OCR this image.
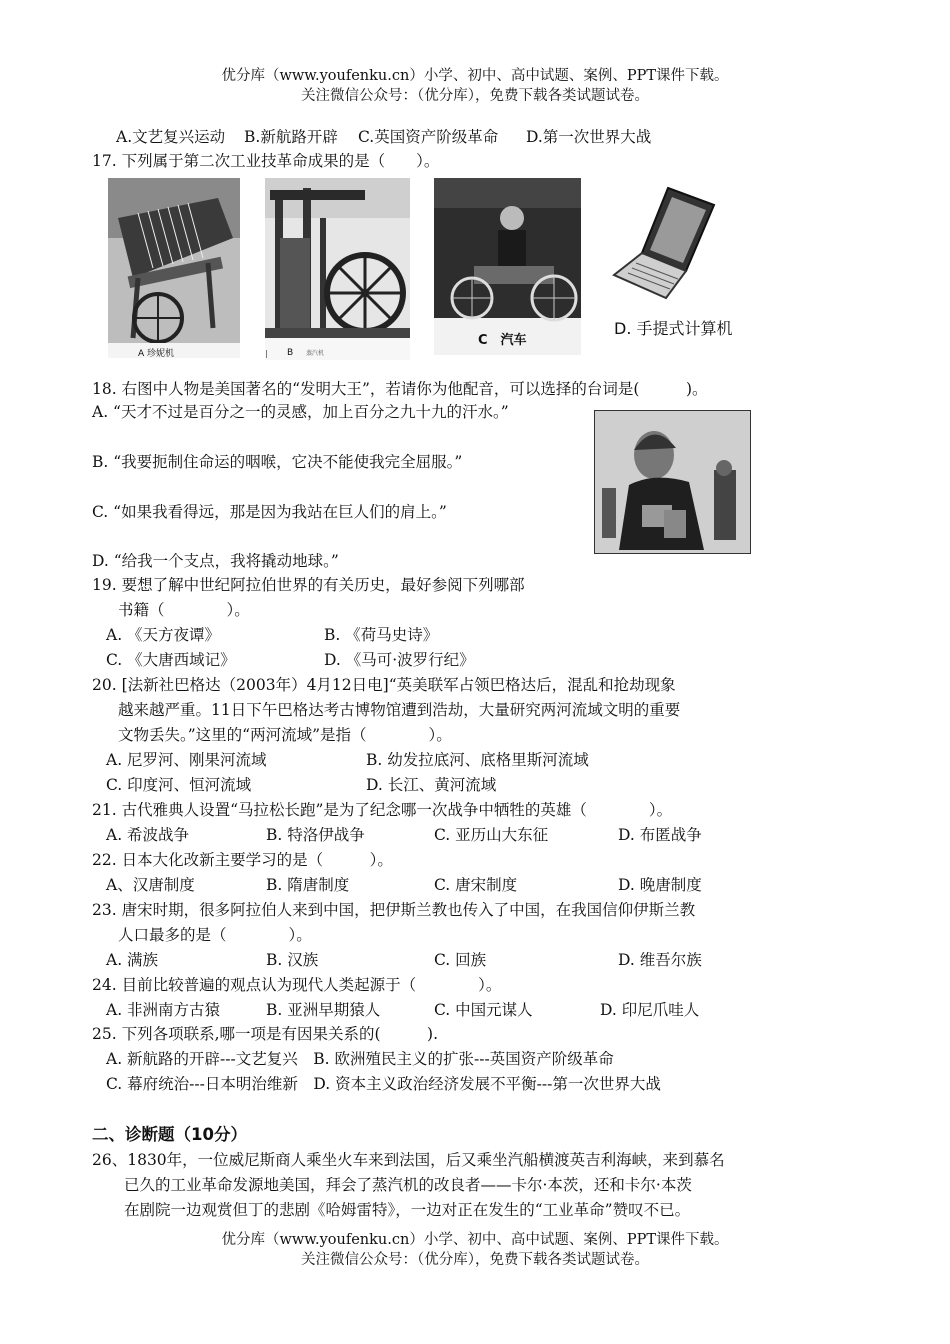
优分库（www.youfenku.cn）小学、初中、高中试题、案例、PPT课件下载。
关注微信公众号：（优分库），免费下载各类试题试卷。
A.文艺复兴运动 B.新航路开辟 C.英国资产阶级革命 D.第一次世界大战
17. 下列属于第二次工业技革命成果的是（　　）。
A 珍妮机	| B 蒸汽机
C　汽车
D. 手提式计算机
18. 右图中人物是美国著名的“发明大王”，若请你为他配音，可以选择的台词是(　　　)。
A. “天才不过是百分之一的灵感，加上百分之九十九的汗水。”
B. “我要扼制住命运的咽喉，它决不能使我完全屈服。”
C. “如果我看得远，那是因为我站在巨人们的肩上。”
D. “给我一个支点，我将撬动地球。”
19. 要想了解中世纪阿拉伯世界的有关历史，最好参阅下列哪部
书籍（　　　　）。
A. 《天方夜谭》	B. 《荷马史诗》
C. 《大唐西域记》	D. 《马可·波罗行纪》
20. [法新社巴格达（2003年）4月12日电]“英美联军占领巴格达后，混乱和抢劫现象
越来越严重。11日下午巴格达考古博物馆遭到浩劫，大量研究两河流域文明的重要
文物丢失。”这里的“两河流域”是指（　　　　）。
A. 尼罗河、刚果河流域	B. 幼发拉底河、底格里斯河流域
C. 印度河、恒河流域	D. 长江、黄河流域
21. 古代雅典人设置“马拉松长跑”是为了纪念哪一次战争中牺牲的英雄（　　　　）。
A. 希波战争	B. 特洛伊战争	C. 亚历山大东征	D. 布匿战争
22. 日本大化改新主要学习的是（　　　）。
A、汉唐制度	B. 隋唐制度	C. 唐宋制度	D. 晚唐制度
23. 唐宋时期，很多阿拉伯人来到中国，把伊斯兰教也传入了中国，在我国信仰伊斯兰教
人口最多的是（　　　　）。
A. 满族	B. 汉族	C. 回族	D. 维吾尔族
24. 目前比较普遍的观点认为现代人类起源于（　　　　）。
A. 非洲南方古猿	B. 亚洲早期猿人	C. 中国元谋人	D. 印尼爪哇人
25. 下列各项联系,哪一项是有因果关系的(　　　).
A. 新航路的开辟---文艺复兴　B. 欧洲殖民主义的扩张---英国资产阶级革命
C. 幕府统治---日本明治维新　D. 资本主义政治经济发展不平衡---第一次世界大战
二、诊断题（10分）
26、1830年，一位威尼斯商人乘坐火车来到法国，后又乘坐汽船横渡英吉利海峡，来到慕名
已久的工业革命发源地美国，拜会了蒸汽机的改良者——卡尔·本茨，还和卡尔·本茨
在剧院一边观赏但丁的悲剧《哈姆雷特》，一边对正在发生的“工业革命”赞叹不已。
优分库（www.youfenku.cn）小学、初中、高中试题、案例、PPT课件下载。
关注微信公众号：（优分库），免费下载各类试题试卷。
